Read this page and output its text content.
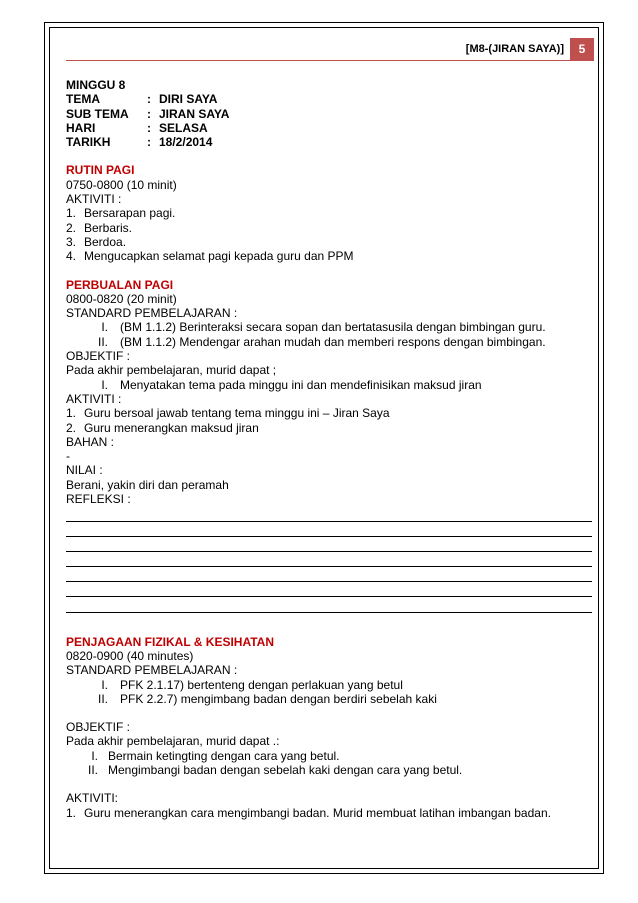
[M8-(JIRAN SAYA)]	5
MINGGU 8
TEMA	: DIRI SAYA
SUB TEMA	: JIRAN SAYA
HARI	: SELASA
TARIKH	: 18/2/2014
RUTIN PAGI
0750-0800 (10 minit)
AKTIVITI :
1. Bersarapan pagi.
2. Berbaris.
3. Berdoa.
4. Mengucapkan selamat pagi kepada guru dan PPM
PERBUALAN PAGI
0800-0820 (20 minit)
STANDARD PEMBELAJARAN :
I.	(BM 1.1.2) Berinteraksi secara sopan dan bertatasusila dengan bimbingan guru.
II.	(BM 1.1.2) Mendengar arahan mudah dan memberi respons dengan bimbingan.
OBJEKTIF :
Pada akhir pembelajaran, murid dapat ;
I.	Menyatakan tema pada minggu ini dan mendefinisikan maksud jiran
AKTIVITI :
1. Guru bersoal jawab tentang tema minggu ini – Jiran Saya
2. Guru menerangkan maksud jiran
BAHAN :
-
NILAI :
Berani, yakin diri dan peramah
REFLEKSI :
PENJAGAAN FIZIKAL & KESIHATAN
0820-0900 (40 minutes)
STANDARD PEMBELAJARAN :
I.	PFK 2.1.17) bertenteng dengan perlakuan yang betul
II.	PFK 2.2.7) mengimbang badan dengan berdiri sebelah kaki
OBJEKTIF :
Pada akhir pembelajaran, murid dapat .:
I. Bermain ketingting dengan cara yang betul.
II. Mengimbangi badan dengan sebelah kaki dengan cara yang betul.
AKTIVITI:
1. Guru menerangkan cara mengimbangi badan. Murid membuat latihan imbangan badan.
